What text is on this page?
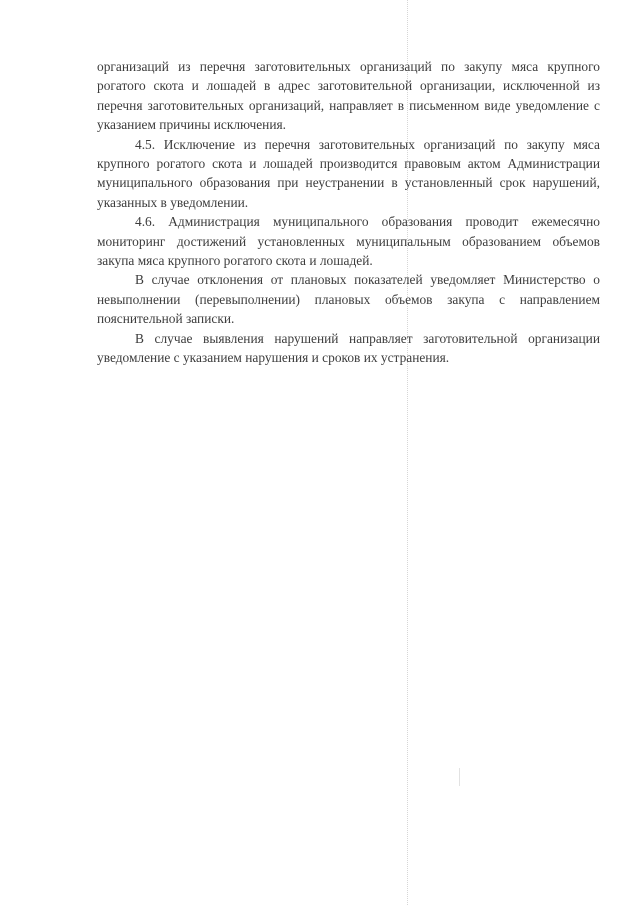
организаций из перечня заготовительных организаций по закупу мяса крупного рогатого скота и лошадей в адрес заготовительной организации, исключенной из перечня заготовительных организаций, направляет в письменном виде уведомление с указанием причины исключения.

4.5. Исключение из перечня заготовительных организаций по закупу мяса крупного рогатого скота и лошадей производится правовым актом Администрации муниципального образования при неустранении в установленный срок нарушений, указанных в уведомлении.

4.6. Администрация муниципального образования проводит ежемесячно мониторинг достижений установленных муниципальным образованием объемов закупа мяса крупного рогатого скота и лошадей.

В случае отклонения от плановых показателей уведомляет Министерство о невыполнении (перевыполнении) плановых объемов закупа с направлением пояснительной записки.

В случае выявления нарушений направляет заготовительной организации уведомление с указанием нарушения и сроков их устранения.
